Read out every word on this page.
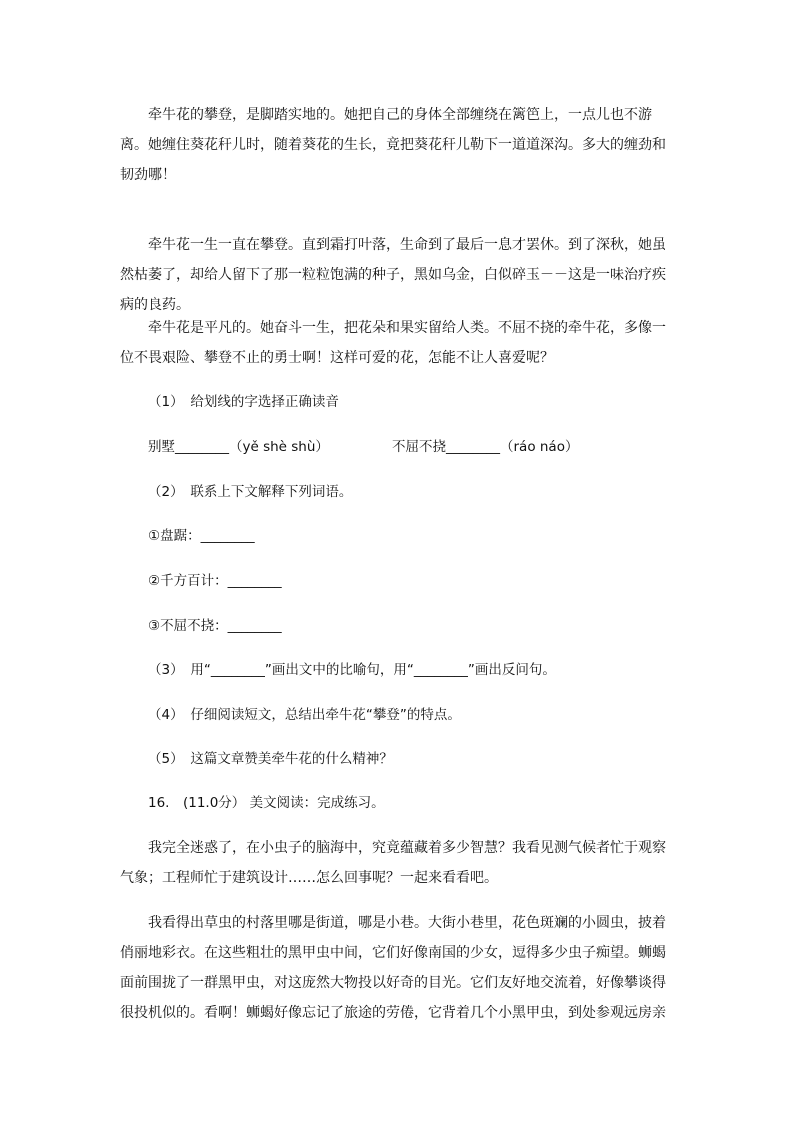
牵牛花的攀登，是脚踏实地的。她把自己的身体全部缠绕在篱笆上，一点儿也不游离。她缠住葵花秆儿时，随着葵花的生长，竟把葵花秆儿勒下一道道深沟。多大的缠劲和韧劲哪！

牵牛花一生一直在攀登。直到霜打叶落，生命到了最后一息才罢休。到了深秋，她虽然枯萎了，却给人留下了那一粒粒饱满的种子，黑如乌金，白似碎玉－－这是一味治疗疾病的良药。

牵牛花是平凡的。她奋斗一生，把花朵和果实留给人类。不屈不挠的牵牛花，多像一位不畏艰险、攀登不止的勇士啊！这样可爱的花，怎能不让人喜爱呢？

（1）　给划线的字选择正确读音

别墅________（yě shè shù）	不屈不挠________（ráo náo）

（2）　联系上下文解释下列词语。

①盘踞：________

②千方百计：________

③不屈不挠：________

（3）　用“________”画出文中的比喻句，用“________”画出反问句。

（4）　仔细阅读短文，总结出牵牛花“攀登”的特点。

（5）　这篇文章赞美牵牛花的什么精神？

16.　(11.0分） 美文阅读：完成练习。

我完全迷惑了，在小虫子的脑海中，究竟蕴藏着多少智慧？我看见测气候者忙于观察气象；工程师忙于建筑设计……怎么回事呢？一起来看看吧。

我看得出草虫的村落里哪是街道，哪是小巷。大街小巷里，花色斑斓的小圆虫，披着俏丽地彩衣。在这些粗壮的黑甲虫中间，它们好像南国的少女，逗得多少虫子痴望。蛳蝎面前围拢了一群黑甲虫，对这庞然大物投以好奇的目光。它们友好地交流着，好像攀谈得很投机似的。看啊！蛳蝎好像忘记了旅途的劳倦，它背着几个小黑甲虫，到处参观远房亲
